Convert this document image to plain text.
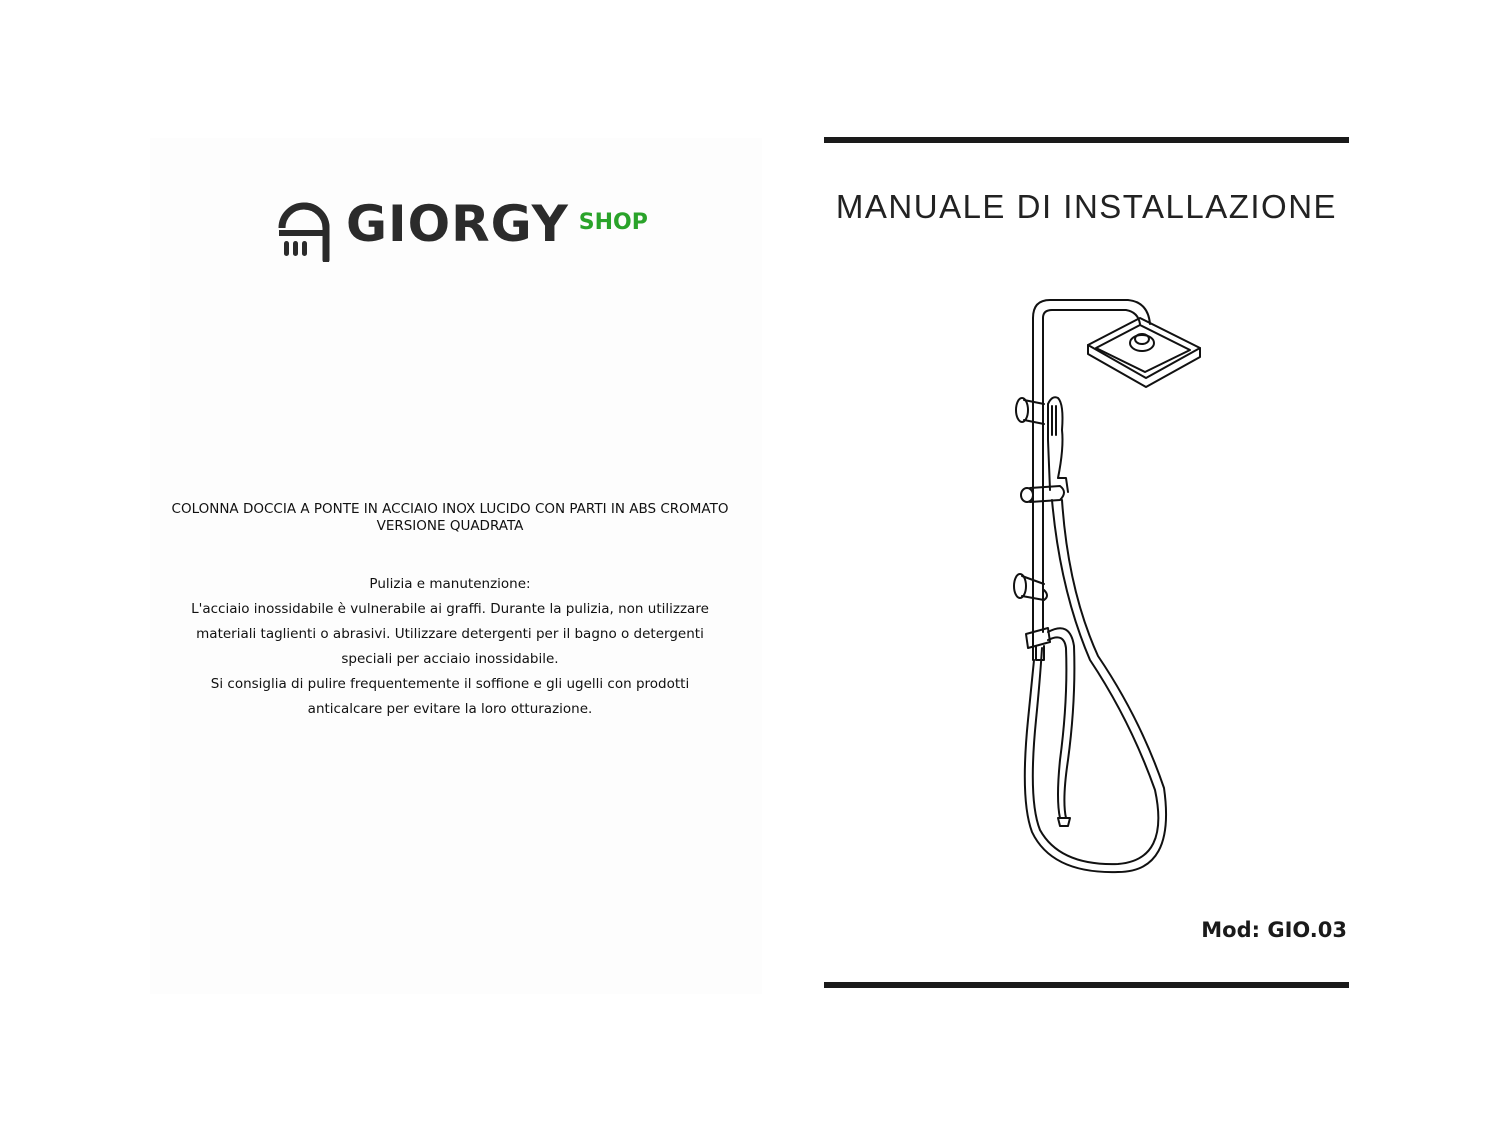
GIORGY SHOP
COLONNA DOCCIA A PONTE IN ACCIAIO INOX LUCIDO CON PARTI IN ABS CROMATO
VERSIONE QUADRATA

Pulizia e manutenzione:

L'acciaio inossidabile è vulnerabile ai graffi. Durante la pulizia, non utilizzare

materiali taglienti o abrasivi. Utilizzare detergenti per il bagno o detergenti

speciali per acciaio inossidabile.

Si consiglia di pulire frequentemente il soffione e gli ugelli con prodotti

anticalcare per evitare la loro otturazione.

MANUALE DI INSTALLAZIONE
Mod: GIO.03
